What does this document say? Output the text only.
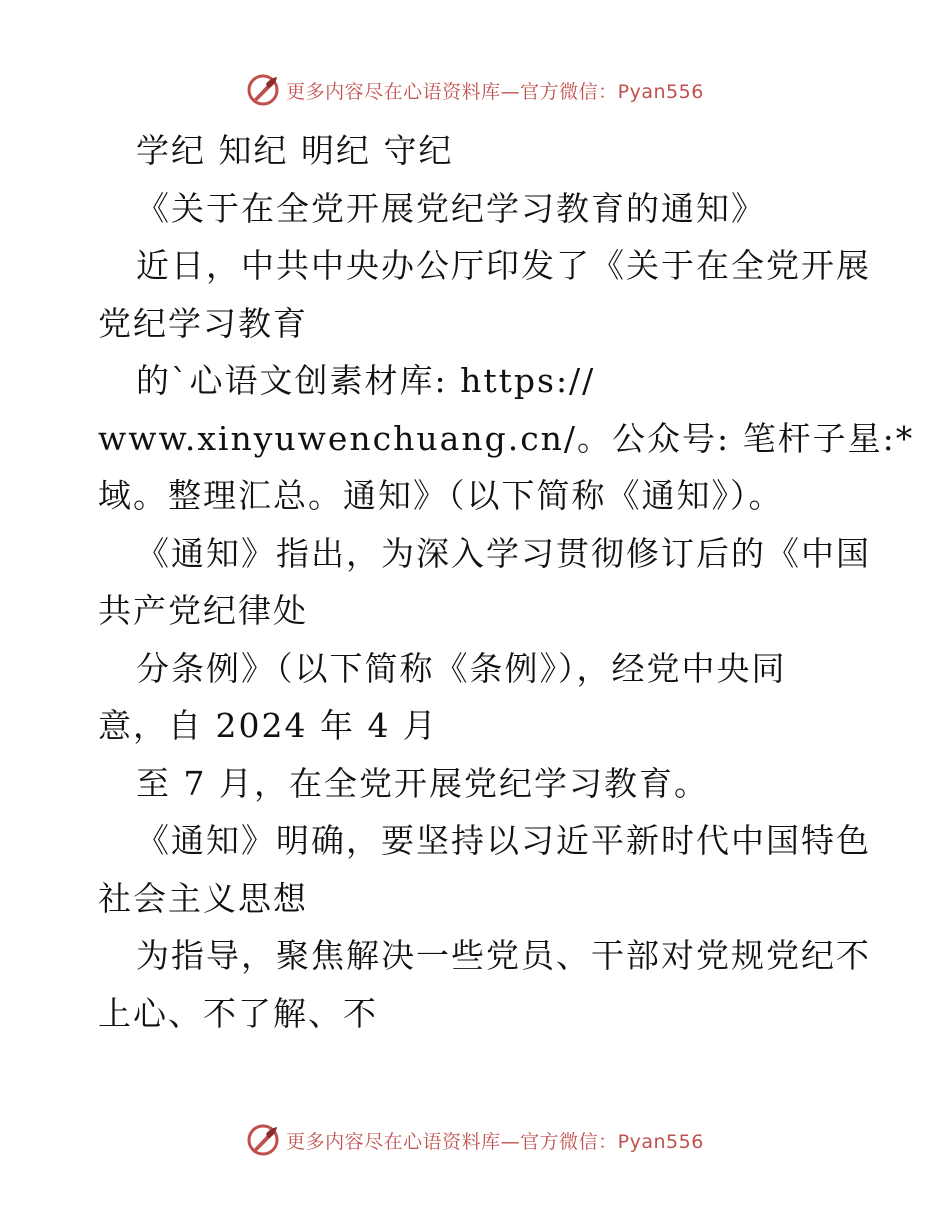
更多内容尽在心语资料库—官方微信：Pyan556
学纪 知纪 明纪 守纪
《关于在全党开展党纪学习教育的通知》
近日，中共中央办公厅印发了《关于在全党开展
党纪学习教育
的`心语文创素材库: https://
www.xinyuwenchuang.cn/。公众号: 笔杆子星:*
域。整理汇总。通知》（以下简称《通知》）。
《通知》指出，为深入学习贯彻修订后的《中国
共产党纪律处
分条例》（以下简称《条例》），经党中央同
意，自 2024 年 4 月
至 7 月，在全党开展党纪学习教育。
《通知》明确，要坚持以习近平新时代中国特色
社会主义思想
为指导，聚焦解决一些党员、干部对党规党纪不
上心、不了解、不
更多内容尽在心语资料库—官方微信：Pyan556
